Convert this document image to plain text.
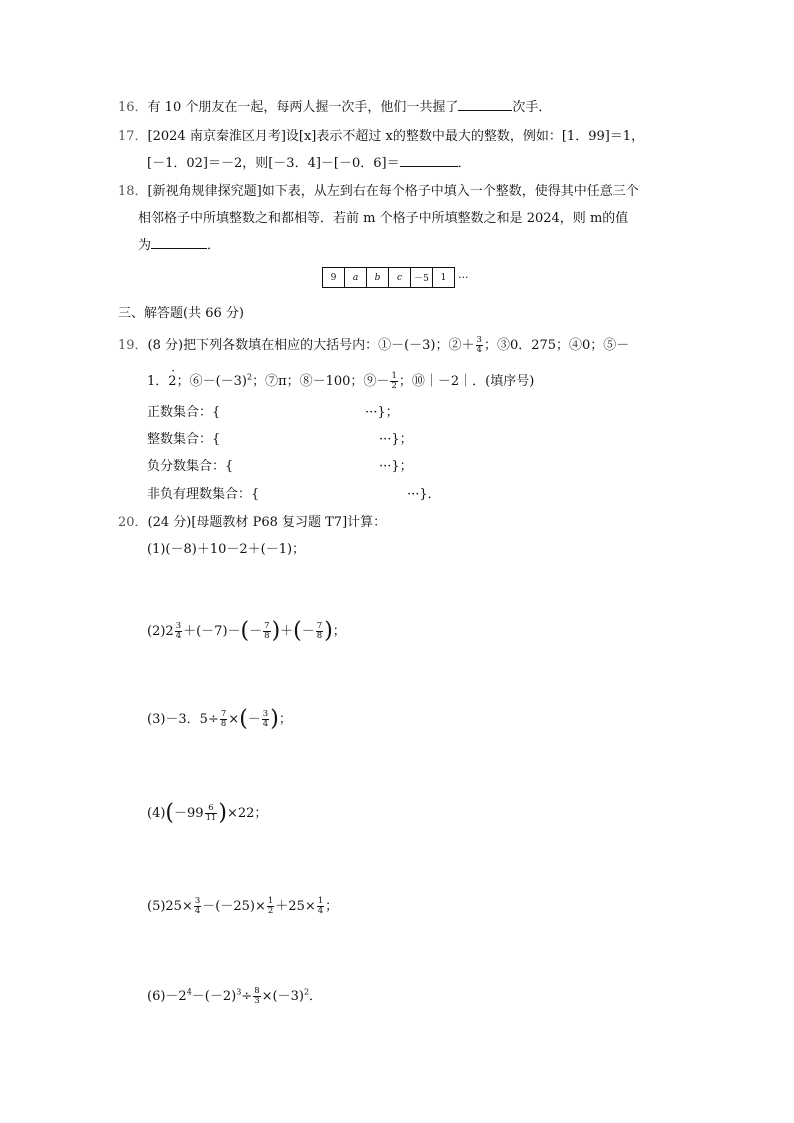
16．有 10 个朋友在一起，每两人握一次手，他们一共握了	次手．
17．[2024 南京秦淮区月考]设[x]表示不超过 x的整数中最大的整数，例如：[1．99]＝1，
[－1．02]＝－2，则[－3．4]－[－0．6]＝	．
18．[新视角规律探究题]如下表，从左到右在每个格子中填入一个整数，使得其中任意三个
相邻格子中所填整数之和都相等．若前 m 个格子中所填整数之和是 2024，则 m的值
为	．
9	a	b	c	－5	1 ···
三、解答题(共 66 分)
19．(8 分)把下列各数填在相应的大括号内：①－(－3)；②＋ $\frac{3}{4}$ ；③0．275；④0；⑤－
1．· 2；$⑥-(-3)^2$；⑦π；⑧－100；⑨－ $\frac{1}{2}$ ；⑩｜－2｜．(填序号)
正数集合：{	···}；
整数集合：{	···}；
负分数集合：{	···}；
非负有理数集合：{	···}．
20．(24 分)[母题教材 P68 复习题 T7]计算：
(1)(－8)＋10－2＋(－1)；
$(2)2 \frac{3}{4} +(-7)-(- \frac{7}{8}$ )＋(－ $\frac{7}{8}$ )；
(3)－3．$5\div \frac{7}{8}$ ×(－ $\frac{3}{4}$ )；
$(4)(-99 \frac{6}{11} )\times 22$；
$(5)25\times \frac{3}{4} -(-25)\times \frac{1}{2} +25\times \frac{1}{4}$ ；
$(6)-2^4-(-2)^3\div \frac{8}{3} \times(-3)^2$．
